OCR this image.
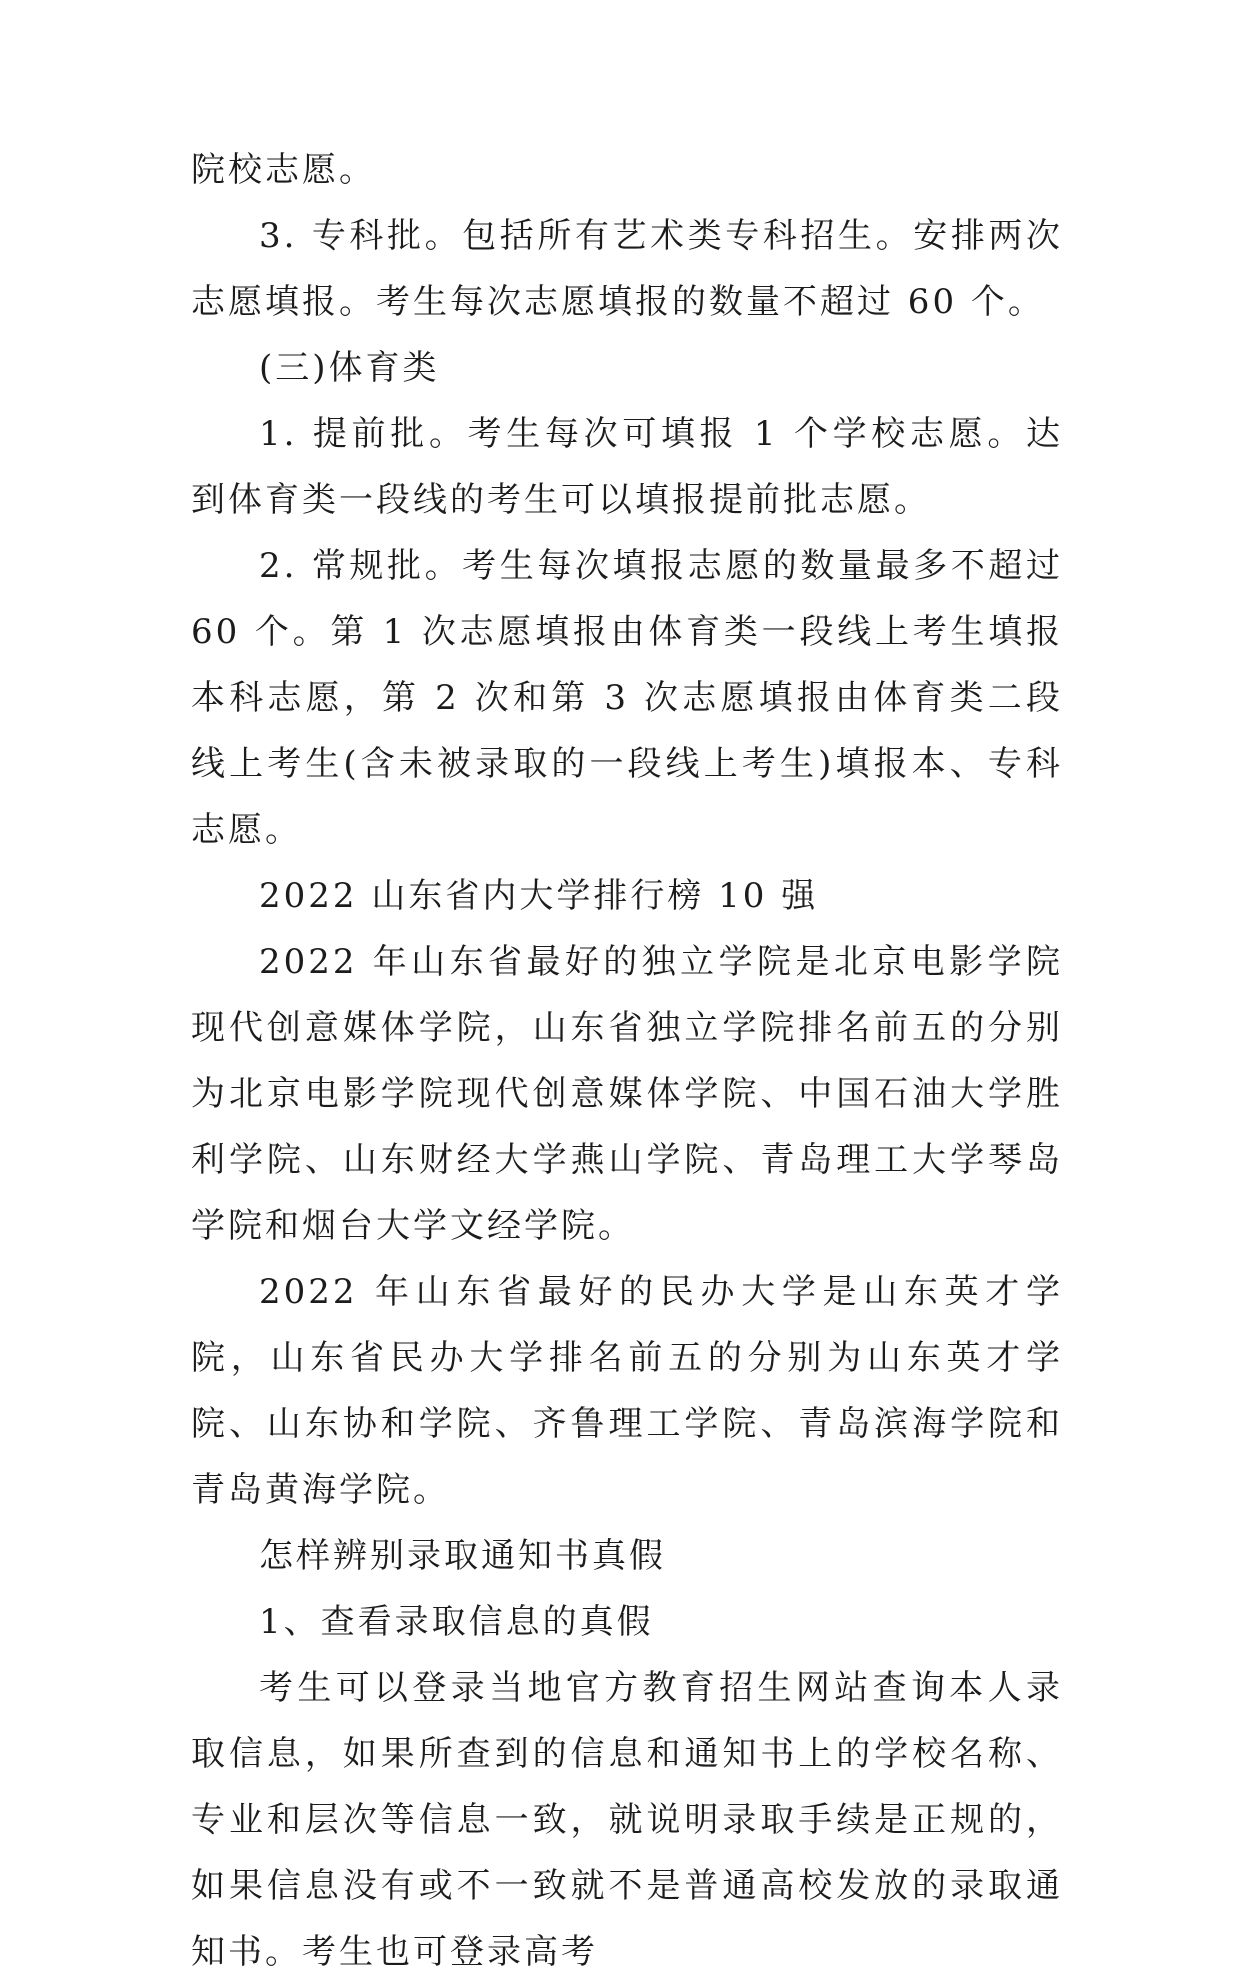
院校志愿。

3. 专科批。包括所有艺术类专科招生。安排两次志愿填报。考生每次志愿填报的数量不超过 60 个。

(三)体育类

1. 提前批。考生每次可填报 1 个学校志愿。达到体育类一段线的考生可以填报提前批志愿。

2. 常规批。考生每次填报志愿的数量最多不超过 60 个。第 1 次志愿填报由体育类一段线上考生填报本科志愿，第 2 次和第 3 次志愿填报由体育类二段线上考生(含未被录取的一段线上考生)填报本、专科志愿。

2022 山东省内大学排行榜 10 强

2022 年山东省最好的独立学院是北京电影学院现代创意媒体学院，山东省独立学院排名前五的分别为北京电影学院现代创意媒体学院、中国石油大学胜利学院、山东财经大学燕山学院、青岛理工大学琴岛学院和烟台大学文经学院。

2022 年山东省最好的民办大学是山东英才学院，山东省民办大学排名前五的分别为山东英才学院、山东协和学院、齐鲁理工学院、青岛滨海学院和青岛黄海学院。

怎样辨别录取通知书真假

1、查看录取信息的真假

考生可以登录当地官方教育招生网站查询本人录取信息，如果所查到的信息和通知书上的学校名称、专业和层次等信息一致，就说明录取手续是正规的，如果信息没有或不一致就不是普通高校发放的录取通知书。考生也可登录高考
